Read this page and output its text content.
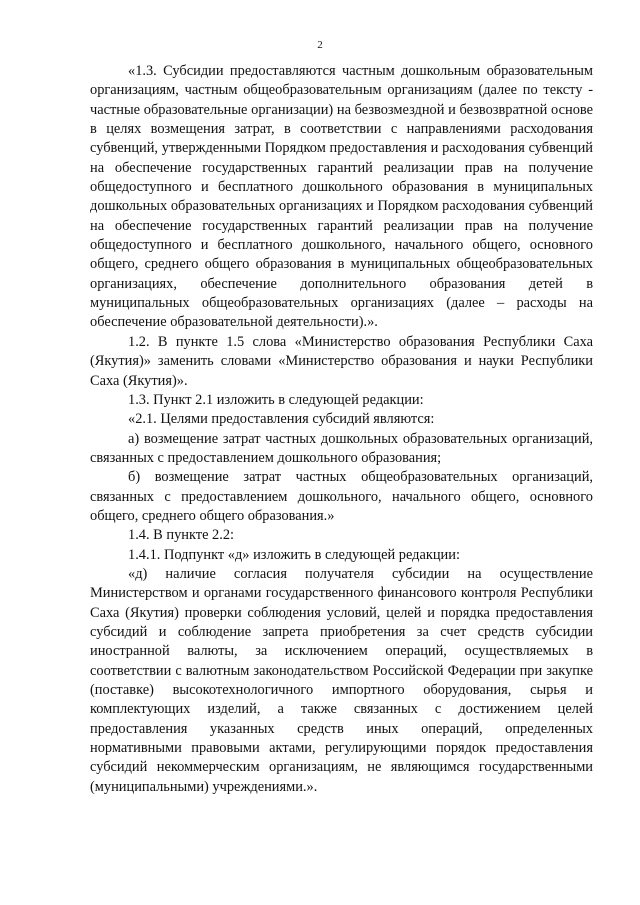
2

«1.3. Субсидии предоставляются частным дошкольным образовательным организациям, частным общеобразовательным организациям (далее по тексту - частные образовательные организации) на безвозмездной и безвозвратной основе в целях возмещения затрат, в соответствии с направлениями расходования субвенций, утвержденными Порядком предоставления и расходования субвенций на обеспечение государственных гарантий реализации прав на получение общедоступного и бесплатного дошкольного образования в муниципальных дошкольных образовательных организациях и Порядком расходования субвенций на обеспечение государственных гарантий реализации прав на получение общедоступного и бесплатного дошкольного, начального общего, основного общего, среднего общего образования в муниципальных общеобразовательных организациях, обеспечение дополнительного образования детей в муниципальных общеобразовательных организациях (далее – расходы на обеспечение образовательной деятельности).».

1.2. В пункте 1.5 слова «Министерство образования Республики Саха (Якутия)» заменить словами «Министерство образования и науки Республики Саха (Якутия)».

1.3. Пункт 2.1 изложить в следующей редакции:

«2.1. Целями предоставления субсидий являются:

а) возмещение затрат частных дошкольных образовательных организаций, связанных с предоставлением дошкольного образования;

б) возмещение затрат частных общеобразовательных организаций, связанных с предоставлением дошкольного, начального общего, основного общего, среднего общего образования.»

1.4. В пункте 2.2:

1.4.1. Подпункт «д» изложить в следующей редакции:

«д) наличие согласия получателя субсидии на осуществление Министерством и органами государственного финансового контроля Республики Саха (Якутия) проверки соблюдения условий, целей и порядка предоставления субсидий и соблюдение запрета приобретения за счет средств субсидии иностранной валюты, за исключением операций, осуществляемых в соответствии с валютным законодательством Российской Федерации при закупке (поставке) высокотехнологичного импортного оборудования, сырья и комплектующих изделий, а также связанных с достижением целей предоставления указанных средств иных операций, определенных нормативными правовыми актами, регулирующими порядок предоставления субсидий некоммерческим организациям, не являющимся государственными (муниципальными) учреждениями.».
